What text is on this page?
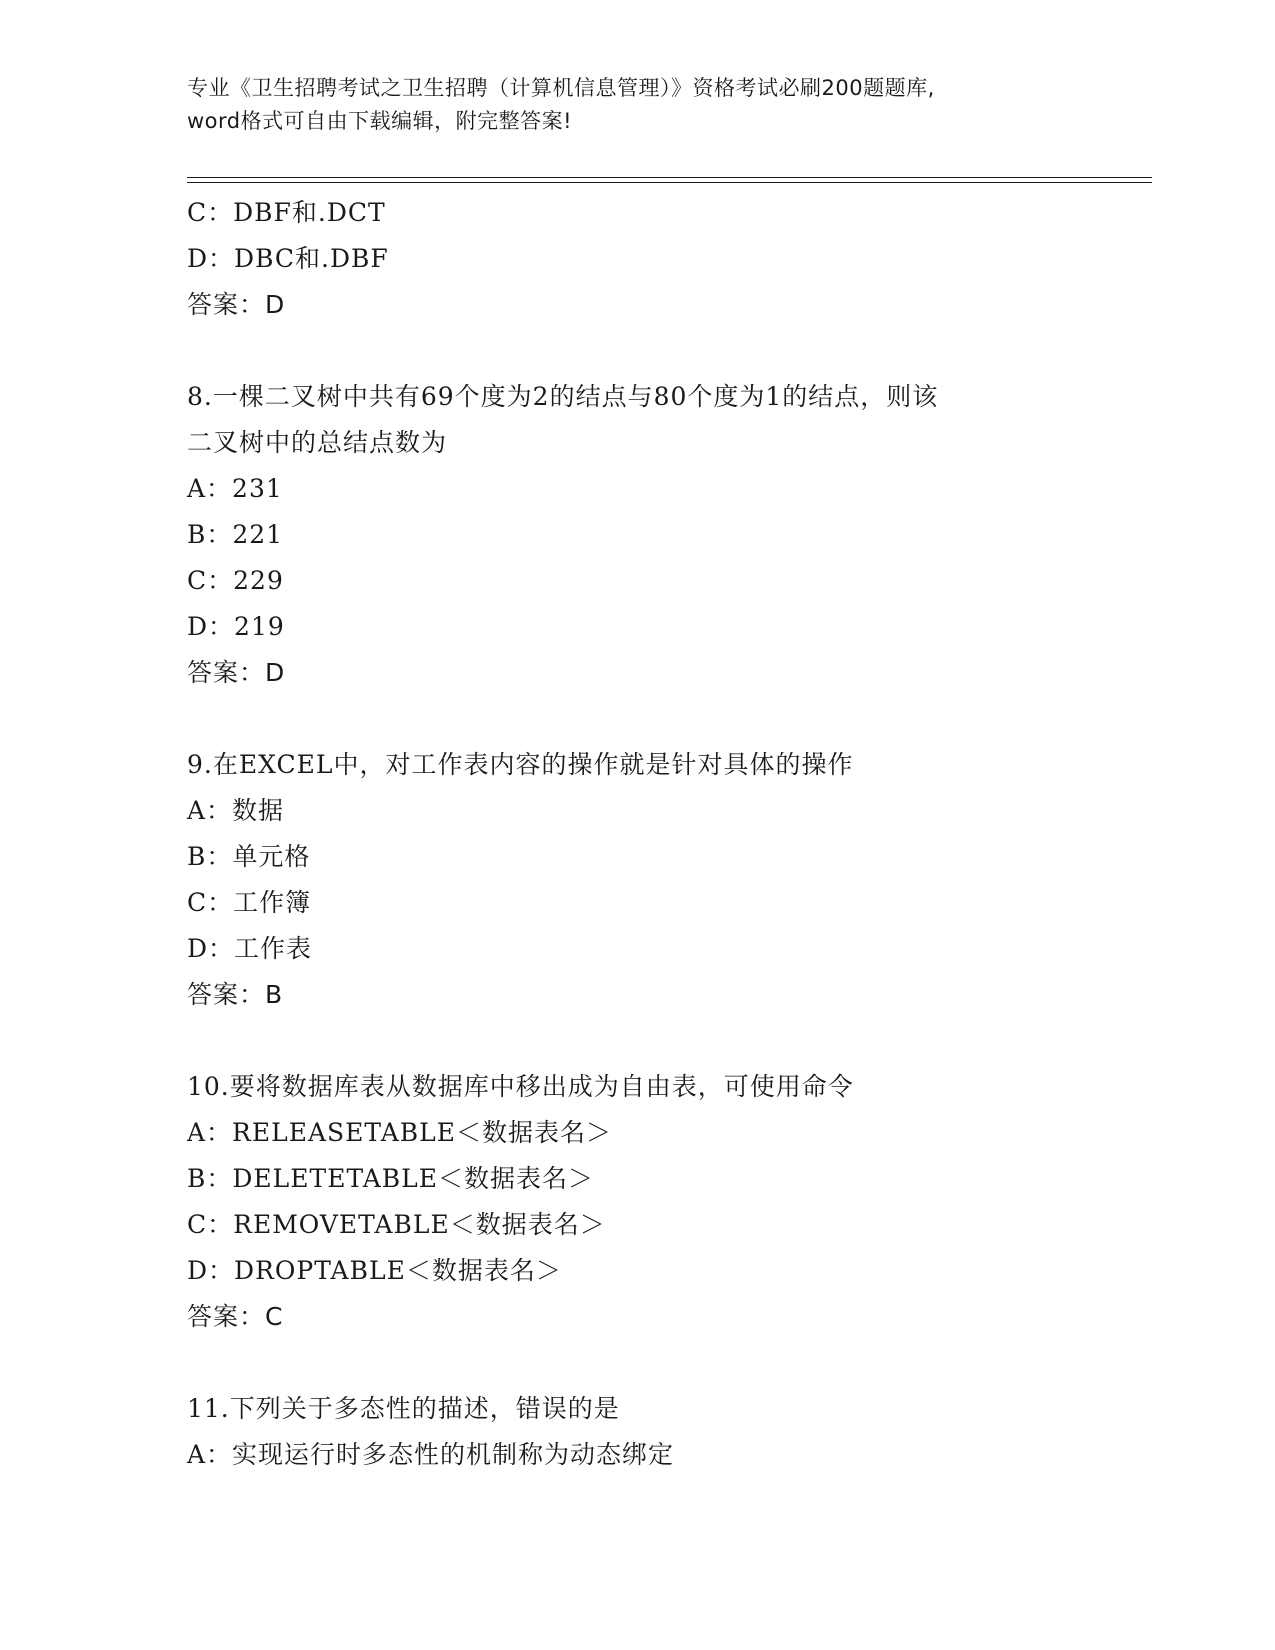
专业《卫生招聘考试之卫生招聘（计算机信息管理）》资格考试必刷200题题库,
word格式可自由下载编辑，附完整答案!
C：DBF和.DCT
D：DBC和.DBF
答案：D
8.一棵二叉树中共有69个度为2的结点与80个度为1的结点，则该
二叉树中的总结点数为
A：231
B：221
C：229
D：219
答案：D
9.在EXCEL中，对工作表内容的操作就是针对具体的操作
A：数据
B：单元格
C：工作簿
D：工作表
答案：B
10.要将数据库表从数据库中移出成为自由表，可使用命令
A：RELEASETABLE＜数据表名＞
B：DELETETABLE＜数据表名＞
C：REMOVETABLE＜数据表名＞
D：DROPTABLE＜数据表名＞
答案：C
11.下列关于多态性的描述，错误的是
A：实现运行时多态性的机制称为动态绑定
